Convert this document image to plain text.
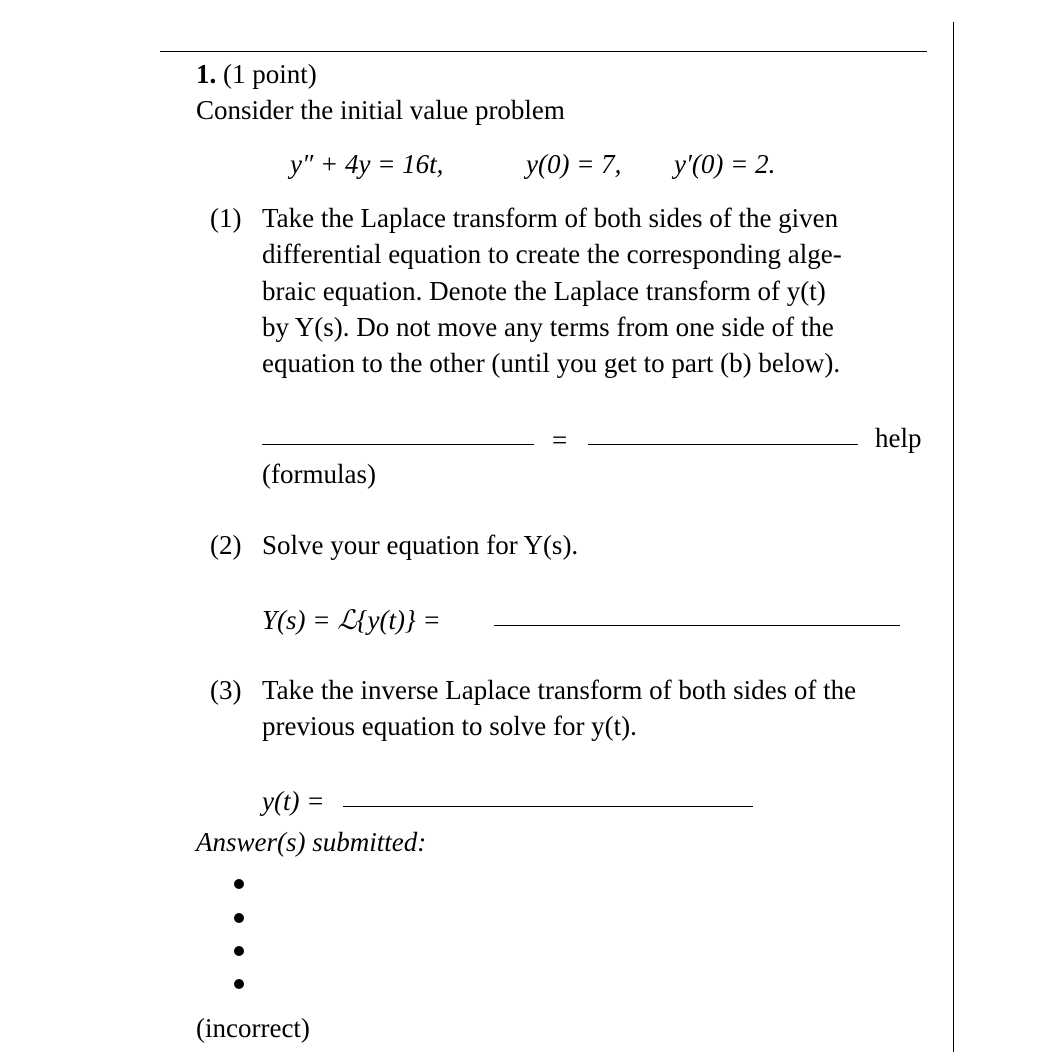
1. (1 point)
Consider the initial value problem
y″ + 4y = 16t,	y(0) = 7, y′(0) = 2.
(1) Take the Laplace transform of both sides of the given
differential equation to create the corresponding alge-
braic equation. Denote the Laplace transform of y(t)
by Y(s). Do not move any terms from one side of the
equation to the other (until you get to part (b) below).
=	help
(formulas)
(2) Solve your equation for Y(s).
Y(s) = ℒ{y(t)} =
(3) Take the inverse Laplace transform of both sides of the
previous equation to solve for y(t).
y(t) =
Answer(s) submitted:
(incorrect)
